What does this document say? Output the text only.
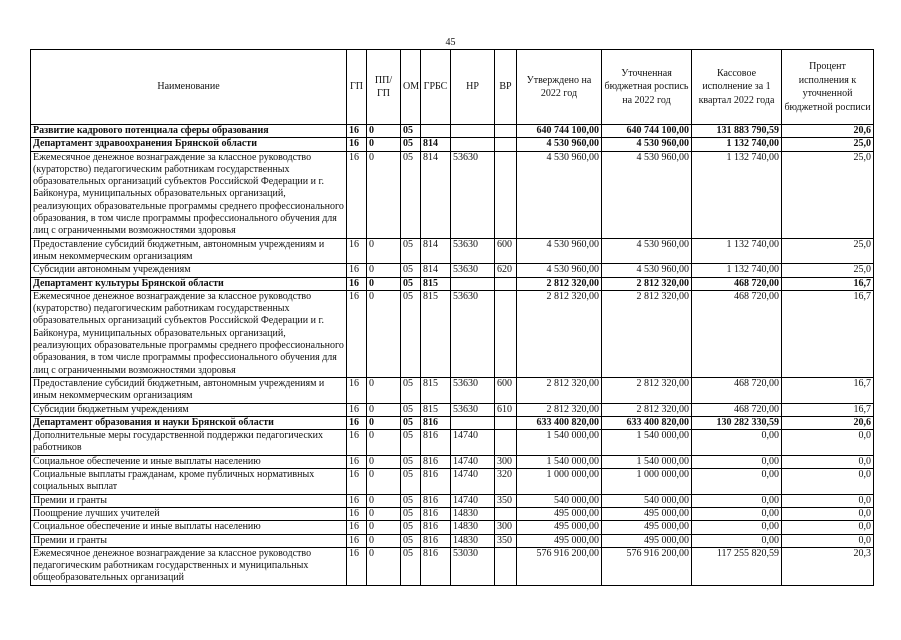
45
Наименование	ГП	ПП/ГП	ОМ	ГРБС	НР	ВР	Утверждено на 2022 год	Уточненная бюджетная роспись на 2022 год	Кассовое исполнение за 1 квартал 2022 года	Процент исполнения к уточненной бюджетной росписи
Развитие кадрового потенциала сферы образования	16	0	05				640 744 100,00	640 744 100,00	131 883 790,59	20,6
Департамент здравоохранения Брянской области	16	0	05	814			4 530 960,00	4 530 960,00	1 132 740,00	25,0
Ежемесячное денежное вознаграждение за классное руководство (кураторство) педагогическим работникам государственных образовательных организаций субъектов Российской Федерации и г. Байконура, муниципальных образовательных организаций, реализующих образовательные программы среднего профессионального образования, в том числе программы профессионального обучения для лиц с ограниченными возможностями здоровья	16	0	05	814	53630		4 530 960,00	4 530 960,00	1 132 740,00	25,0
Предоставление субсидий бюджетным, автономным учреждениям и иным некоммерческим организациям	16	0	05	814	53630	600	4 530 960,00	4 530 960,00	1 132 740,00	25,0
Субсидии автономным учреждениям	16	0	05	814	53630	620	4 530 960,00	4 530 960,00	1 132 740,00	25,0
Департамент культуры Брянской области	16	0	05	815			2 812 320,00	2 812 320,00	468 720,00	16,7
Ежемесячное денежное вознаграждение за классное руководство (кураторство) педагогическим работникам государственных образовательных организаций субъектов Российской Федерации и г. Байконура, муниципальных образовательных организаций, реализующих образовательные программы среднего профессионального образования, в том числе программы профессионального обучения для лиц с ограниченными возможностями здоровья	16	0	05	815	53630		2 812 320,00	2 812 320,00	468 720,00	16,7
Предоставление субсидий бюджетным, автономным учреждениям и иным некоммерческим организациям	16	0	05	815	53630	600	2 812 320,00	2 812 320,00	468 720,00	16,7
Субсидии бюджетным учреждениям	16	0	05	815	53630	610	2 812 320,00	2 812 320,00	468 720,00	16,7
Департамент образования и науки Брянской области	16	0	05	816			633 400 820,00	633 400 820,00	130 282 330,59	20,6
Дополнительные меры государственной поддержки педагогических работников	16	0	05	816	14740		1 540 000,00	1 540 000,00	0,00	0,0
Социальное обеспечение и иные выплаты населению	16	0	05	816	14740	300	1 540 000,00	1 540 000,00	0,00	0,0
Социальные выплаты гражданам, кроме публичных нормативных социальных выплат	16	0	05	816	14740	320	1 000 000,00	1 000 000,00	0,00	0,0
Премии и гранты	16	0	05	816	14740	350	540 000,00	540 000,00	0,00	0,0
Поощрение лучших учителей	16	0	05	816	14830		495 000,00	495 000,00	0,00	0,0
Социальное обеспечение и иные выплаты населению	16	0	05	816	14830	300	495 000,00	495 000,00	0,00	0,0
Премии и гранты	16	0	05	816	14830	350	495 000,00	495 000,00	0,00	0,0
Ежемесячное денежное вознаграждение за классное руководство педагогическим работникам государственных и муниципальных общеобразовательных организаций	16	0	05	816	53030		576 916 200,00	576 916 200,00	117 255 820,59	20,3
